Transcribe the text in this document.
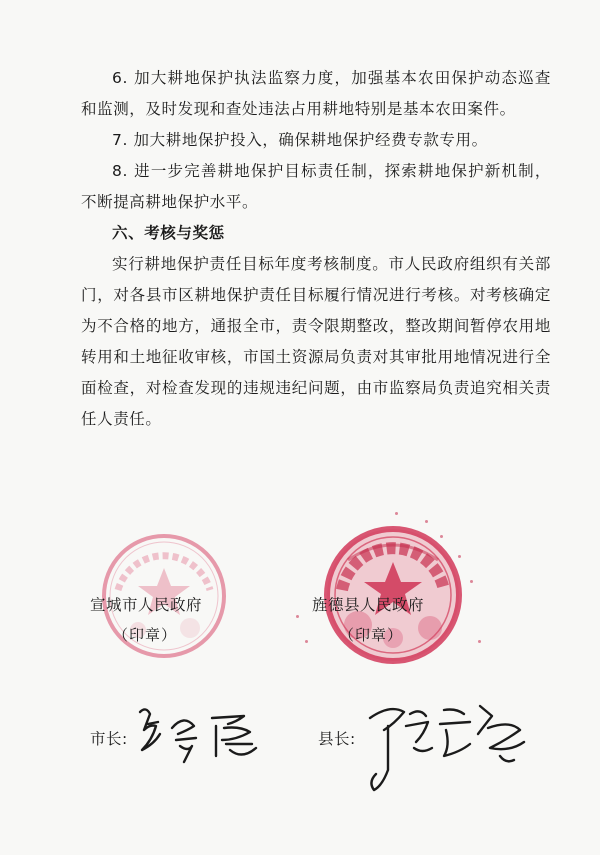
6. 加大耕地保护执法监察力度，加强基本农田保护动态巡查和监测，及时发现和查处违法占用耕地特别是基本农田案件。

7. 加大耕地保护投入，确保耕地保护经费专款专用。

8. 进一步完善耕地保护目标责任制，探索耕地保护新机制，不断提高耕地保护水平。

六、考核与奖惩

实行耕地保护责任目标年度考核制度。市人民政府组织有关部门，对各县市区耕地保护责任目标履行情况进行考核。对考核确定为不合格的地方，通报全市，责令限期整改，整改期间暂停农用地转用和土地征收审核，市国土资源局负责对其审批用地情况进行全面检查，对检查发现的违规违纪问题，由市监察局负责追究相关责任人责任。

宣城市人民政府
（印章）
旌德县人民政府
（印章）
市长:	县长:
